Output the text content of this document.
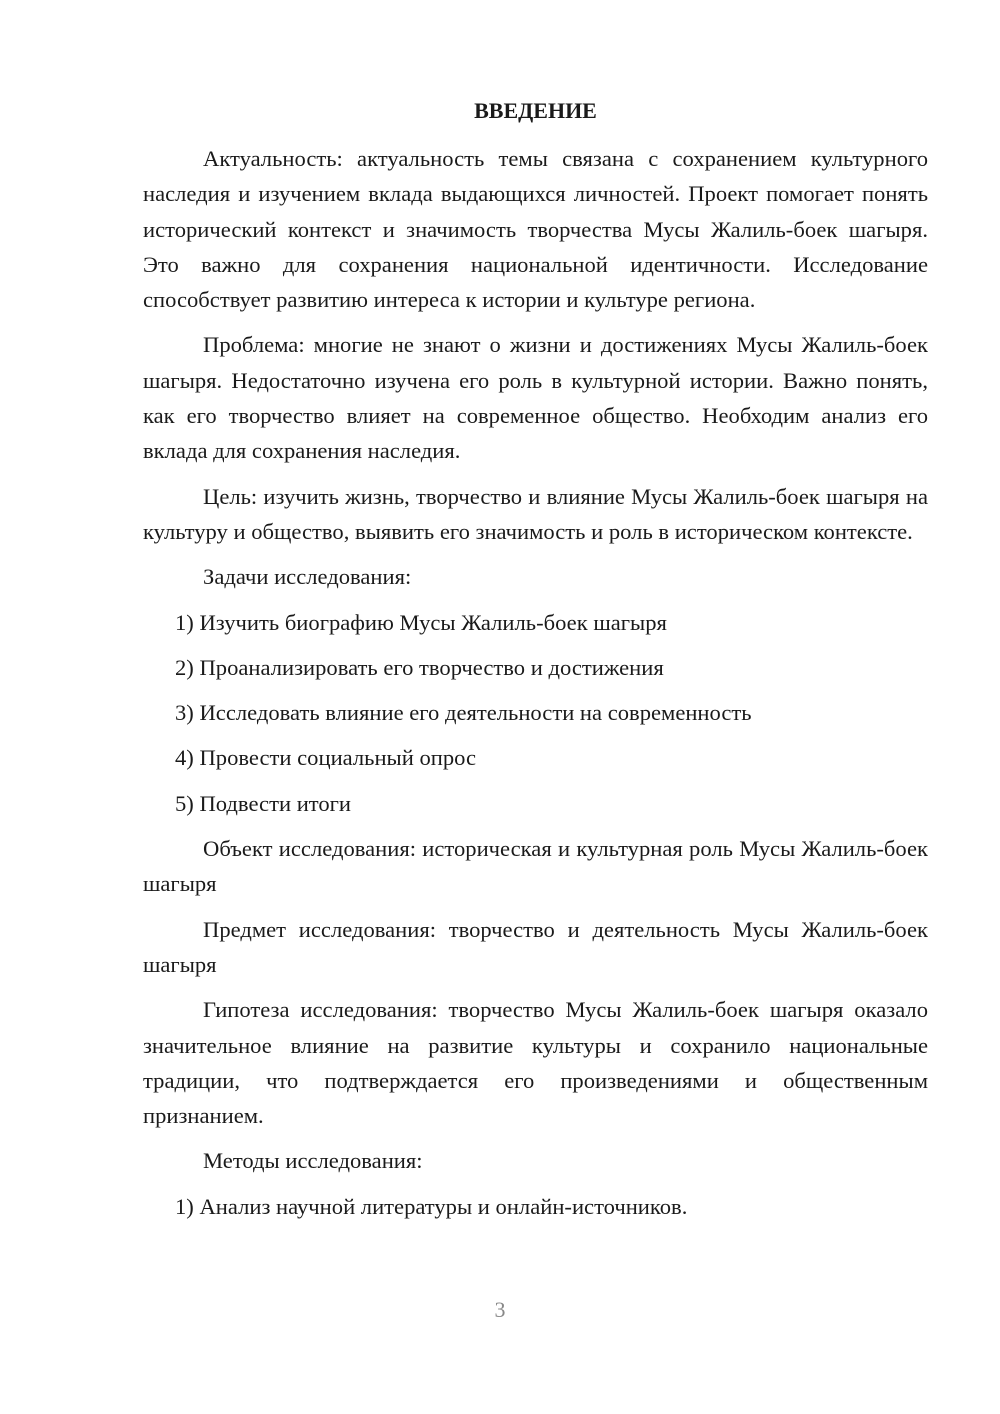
ВВЕДЕНИЕ

Актуальность: актуальность темы связана с сохранением культурного наследия и изучением вклада выдающихся личностей. Проект помогает понять исторический контекст и значимость творчества Мусы Жалиль-боек шагыря. Это важно для сохранения национальной идентичности. Исследование способствует развитию интереса к истории и культуре региона.

Проблема: многие не знают о жизни и достижениях Мусы Жалиль-боек шагыря. Недостаточно изучена его роль в культурной истории. Важно понять, как его творчество влияет на современное общество. Необходим анализ его вклада для сохранения наследия.

Цель: изучить жизнь, творчество и влияние Мусы Жалиль-боек шагыря на культуру и общество, выявить его значимость и роль в историческом контексте.

Задачи исследования:

1) Изучить биографию Мусы Жалиль-боек шагыря
2) Проанализировать его творчество и достижения
3) Исследовать влияние его деятельности на современность
4) Провести социальный опрос
5) Подвести итоги

Объект исследования: историческая и культурная роль Мусы Жалиль-боек шагыря

Предмет исследования: творчество и деятельность Мусы Жалиль-боек шагыря

Гипотеза исследования: творчество Мусы Жалиль-боек шагыря оказало значительное влияние на развитие культуры и сохранило национальные традиции, что подтверждается его произведениями и общественным признанием.

Методы исследования:

1) Анализ научной литературы и онлайн-источников.
3
